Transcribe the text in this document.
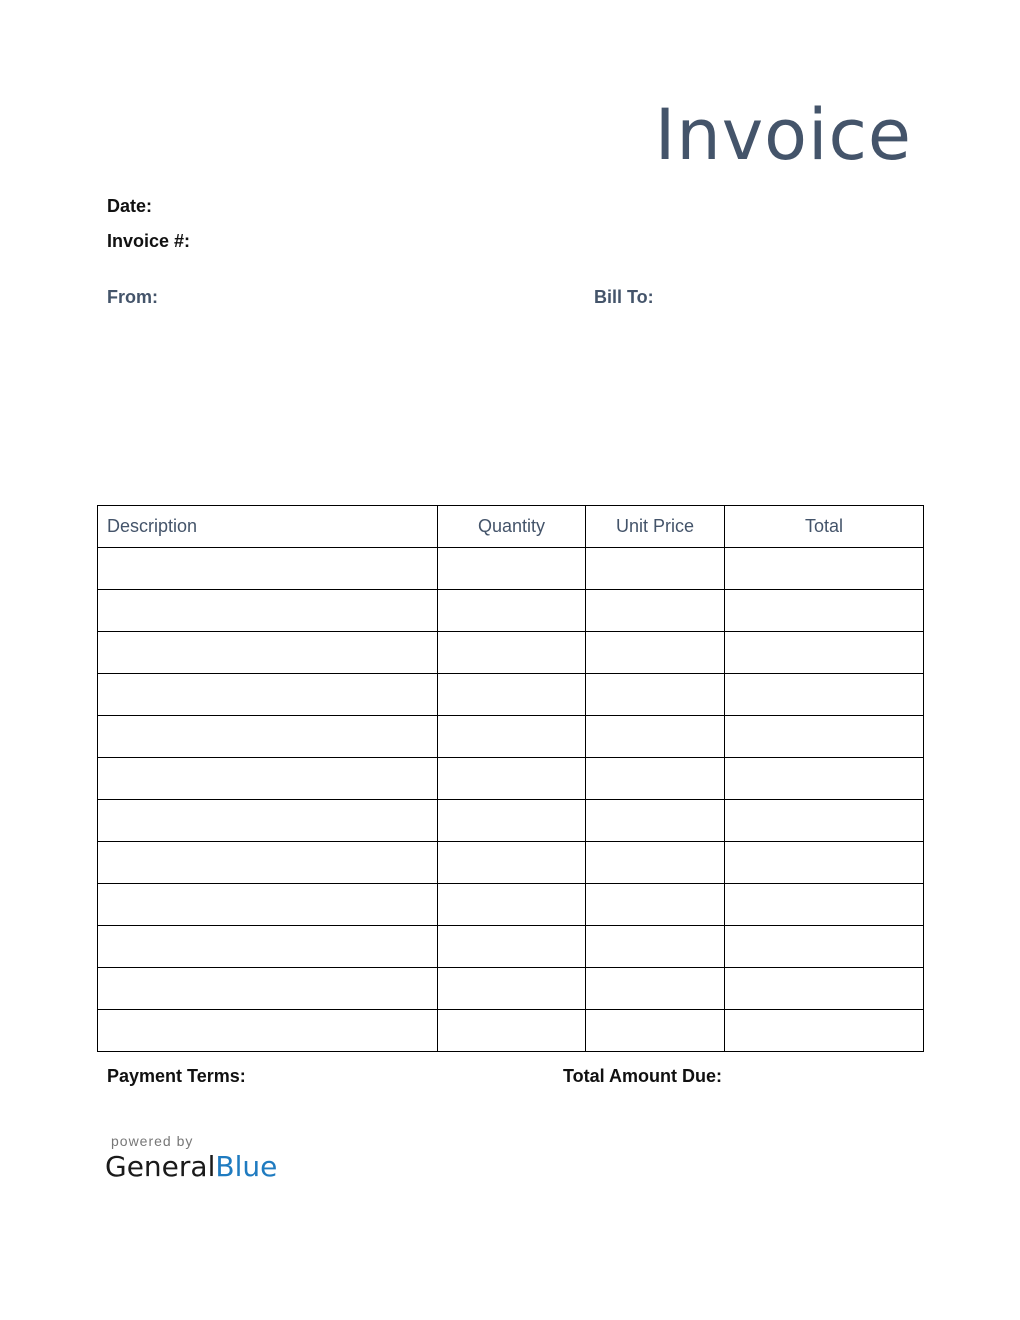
Invoice
Date:
Invoice #:
From:	Bill To:
Description	Quantity	Unit Price	Total

Payment Terms:	Total Amount Due:
powered by
GeneralBlue
